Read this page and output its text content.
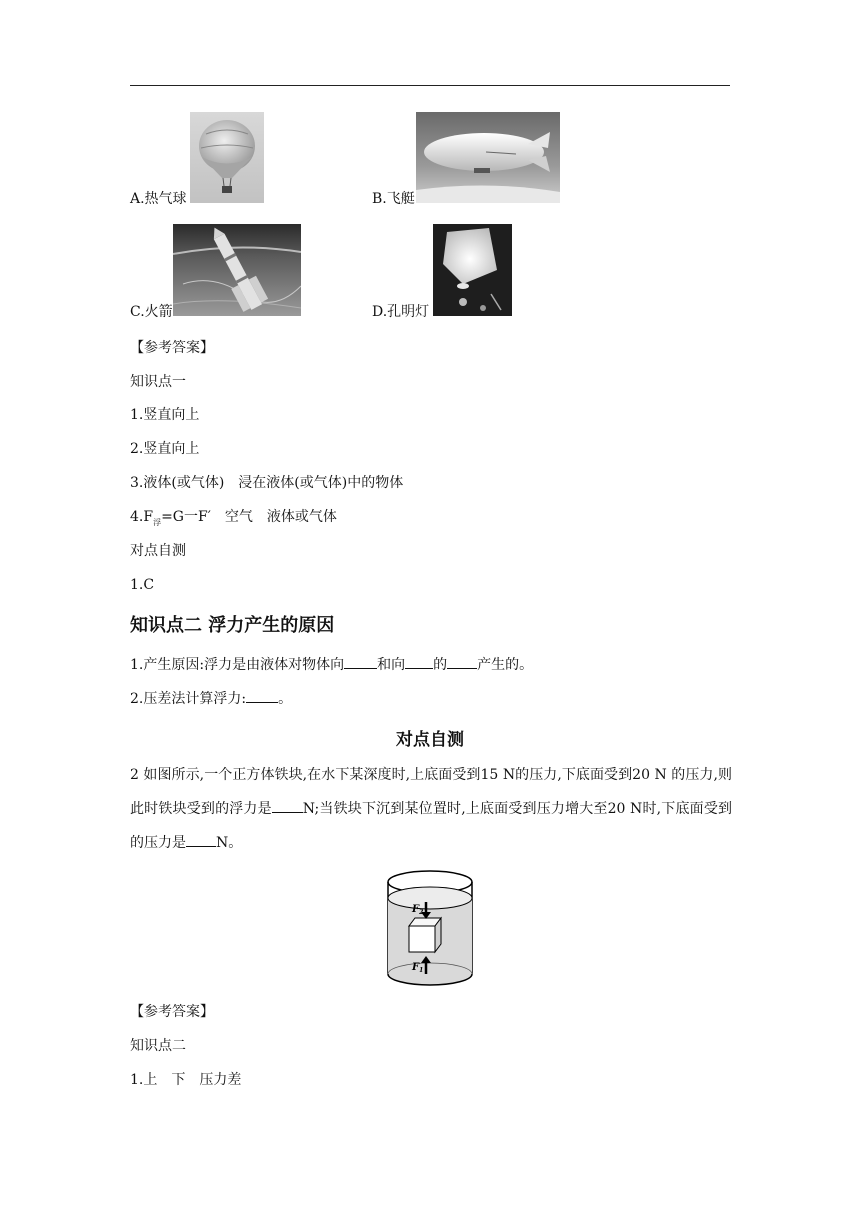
A.热气球	B.飞艇
C.火箭	D.孔明灯
【参考答案】
知识点一
1.竖直向上
2.竖直向上
3.液体(或气体)　浸在液体(或气体)中的物体
$4.F_浮=G$一F′　空气　液体或气体
对点自测
1.C
知识点二 浮力产生的原因
1.产生原因:浮力是由液体对物体向 和向 的 产生的。
2.压差法计算浮力: 。
对点自测
2 如图所示,一个正方体铁块,在水下某深度时,上底面受到15 N的压力,下底面受到20 N 的压力,则此时铁块受到的浮力是 N;当铁块下沉到某位置时,上底面受到压力增大至20 N时,下底面受到的压力是 N。
$F_2$
$F_1$
【参考答案】
知识点二
1.上　下　压力差
